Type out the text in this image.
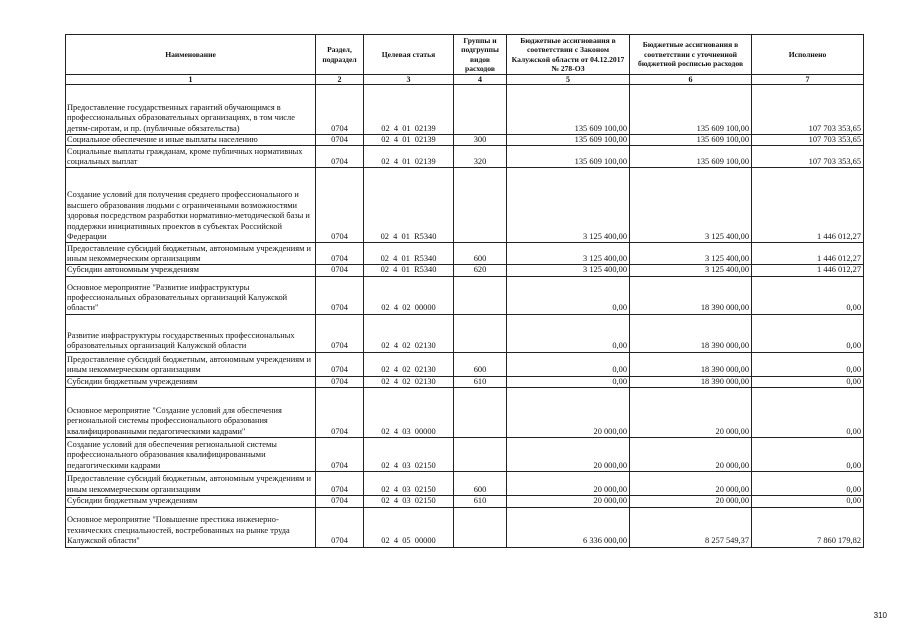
Наименование	Раздел, подраздел	Целевая статья	Группы и подгруппы видов расходов	Бюджетные ассигнования в соответствии с Законом Калужской области от 04.12.2017 № 278-ОЗ	Бюджетные ассигнования в соответствии с уточненной бюджетной росписью расходов	Исполнено
1	2	3	4	5	6	7
Предоставление государственных гарантий обучающимся в профессиональных образовательных организациях, в том числе детям-сиротам, и пр. (публичные обязательства)	0704	02 4 01 02139		135 609 100,00	135 609 100,00	107 703 353,65
Социальное обеспечение и иные выплаты населению	0704	02 4 01 02139	300	135 609 100,00	135 609 100,00	107 703 353,65
Социальные выплаты гражданам, кроме публичных нормативных социальных выплат	0704	02 4 01 02139	320	135 609 100,00	135 609 100,00	107 703 353,65
Создание условий для получения среднего профессионального и высшего образования людьми с ограниченными возможностями здоровья посредством разработки нормативно-методической базы и поддержки инициативных проектов в субъектах Российской Федерации	0704	02 4 01 R5340		3 125 400,00	3 125 400,00	1 446 012,27
Предоставление субсидий бюджетным, автономным учреждениям и иным некоммерческим организациям	0704	02 4 01 R5340	600	3 125 400,00	3 125 400,00	1 446 012,27
Субсидии автономным учреждениям	0704	02 4 01 R5340	620	3 125 400,00	3 125 400,00	1 446 012,27
Основное мероприятие "Развитие инфраструктуры профессиональных образовательных организаций Калужской области"	0704	02 4 02 00000		0,00	18 390 000,00	0,00
Развитие инфраструктуры государственных профессиональных образовательных организаций Калужской области	0704	02 4 02 02130		0,00	18 390 000,00	0,00
Предоставление субсидий бюджетным, автономным учреждениям и иным некоммерческим организациям	0704	02 4 02 02130	600	0,00	18 390 000,00	0,00
Субсидии бюджетным учреждениям	0704	02 4 02 02130	610	0,00	18 390 000,00	0,00
Основное мероприятие "Создание условий для обеспечения региональной системы профессионального образования квалифицированными педагогическими кадрами"	0704	02 4 03 00000		20 000,00	20 000,00	0,00
Создание условий для обеспечения региональной системы профессионального образования квалифицированными педагогическими кадрами	0704	02 4 03 02150		20 000,00	20 000,00	0,00
Предоставление субсидий бюджетным, автономным учреждениям и иным некоммерческим организациям	0704	02 4 03 02150	600	20 000,00	20 000,00	0,00
Субсидии бюджетным учреждениям	0704	02 4 03 02150	610	20 000,00	20 000,00	0,00
Основное мероприятие "Повышение престижа инженерно-технических специальностей, востребованных на рынке труда Калужской области"	0704	02 4 05 00000		6 336 000,00	8 257 549,37	7 860 179,82
310
